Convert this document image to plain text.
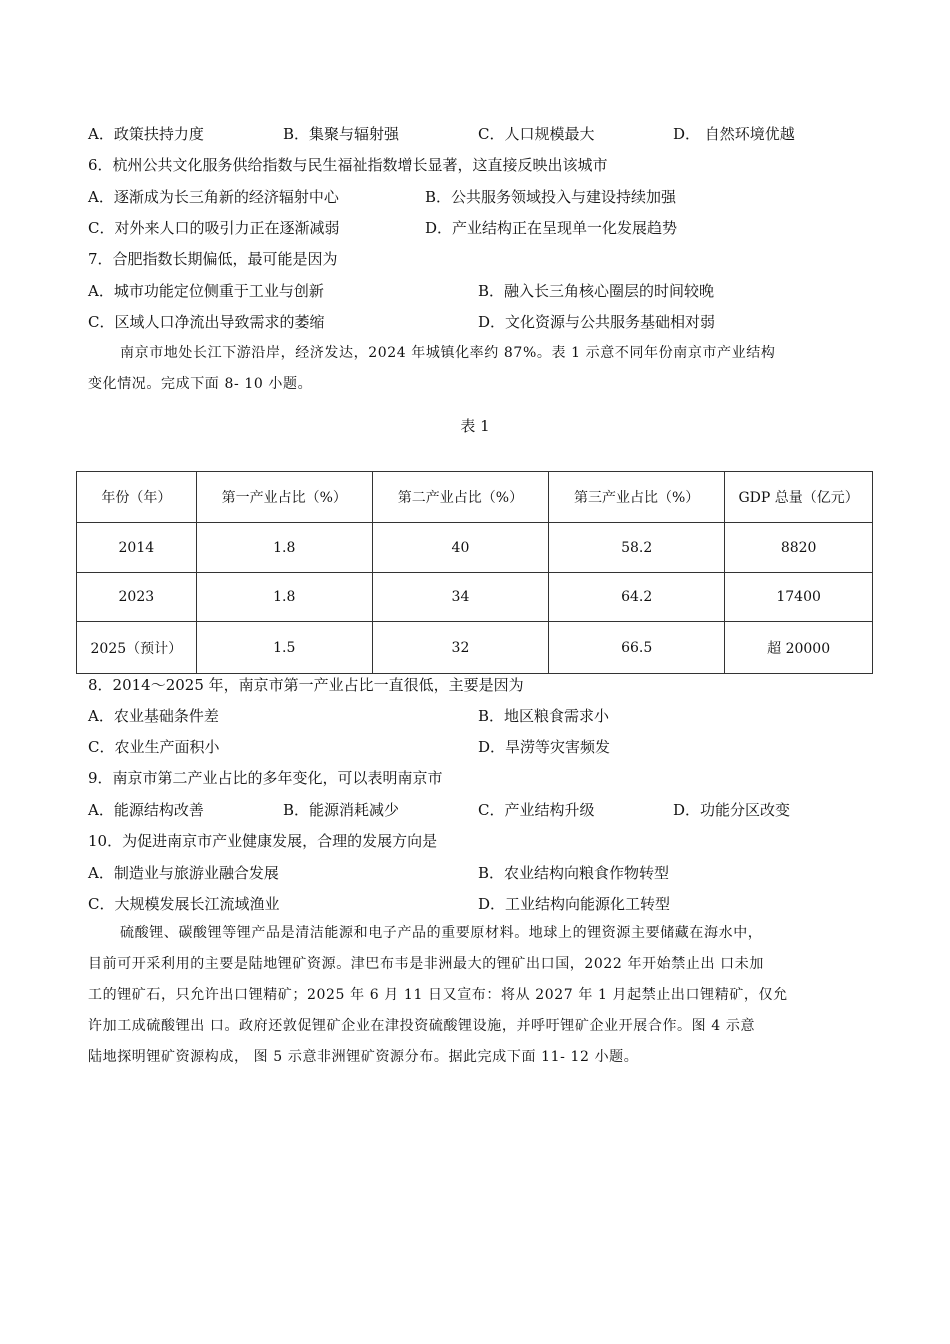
A．政策扶持力度	B．集聚与辐射强	C．人口规模最大	D． 自然环境优越
6．杭州公共文化服务供给指数与民生福祉指数增长显著，这直接反映出该城市
A．逐渐成为长三角新的经济辐射中心	B．公共服务领域投入与建设持续加强
C．对外来人口的吸引力正在逐渐减弱	D．产业结构正在呈现单一化发展趋势
7．合肥指数长期偏低，最可能是因为
A．城市功能定位侧重于工业与创新	B．融入长三角核心圈层的时间较晚
C．区域人口净流出导致需求的萎缩	D．文化资源与公共服务基础相对弱

南京市地处长江下游沿岸，经济发达，2024 年城镇化率约 87%。表 1 示意不同年份南京市产业结构

变化情况。完成下面 8- 10 小题。

表 1
年份（年）	第一产业占比（%）	第二产业占比（%）	第三产业占比（%）	GDP 总量（亿元）
2014	1.8	40	58.2	8820
2023	1.8	34	64.2	17400
2025（预计）	1.5	32	66.5	超 20000
8．2014～2025 年，南京市第一产业占比一直很低，主要是因为
A．农业基础条件差	B．地区粮食需求小
C．农业生产面积小	D．旱涝等灾害频发
9．南京市第二产业占比的多年变化，可以表明南京市
A．能源结构改善	B．能源消耗减少	C．产业结构升级	D．功能分区改变
10．为促进南京市产业健康发展，合理的发展方向是
A．制造业与旅游业融合发展	B．农业结构向粮食作物转型
C．大规模发展长江流域渔业	D．工业结构向能源化工转型

硫酸锂、碳酸锂等锂产品是清洁能源和电子产品的重要原材料。地球上的锂资源主要储藏在海水中，

目前可开采利用的主要是陆地锂矿资源。津巴布韦是非洲最大的锂矿出口国，2022 年开始禁止出 口未加

工的锂矿石，只允许出口锂精矿；2025 年 6 月 11 日又宣布：将从 2027 年 1 月起禁止出口锂精矿，仅允

许加工成硫酸锂出 口。政府还敦促锂矿企业在津投资硫酸锂设施，并呼吁锂矿企业开展合作。图 4 示意

陆地探明锂矿资源构成， 图 5 示意非洲锂矿资源分布。据此完成下面 11- 12 小题。
